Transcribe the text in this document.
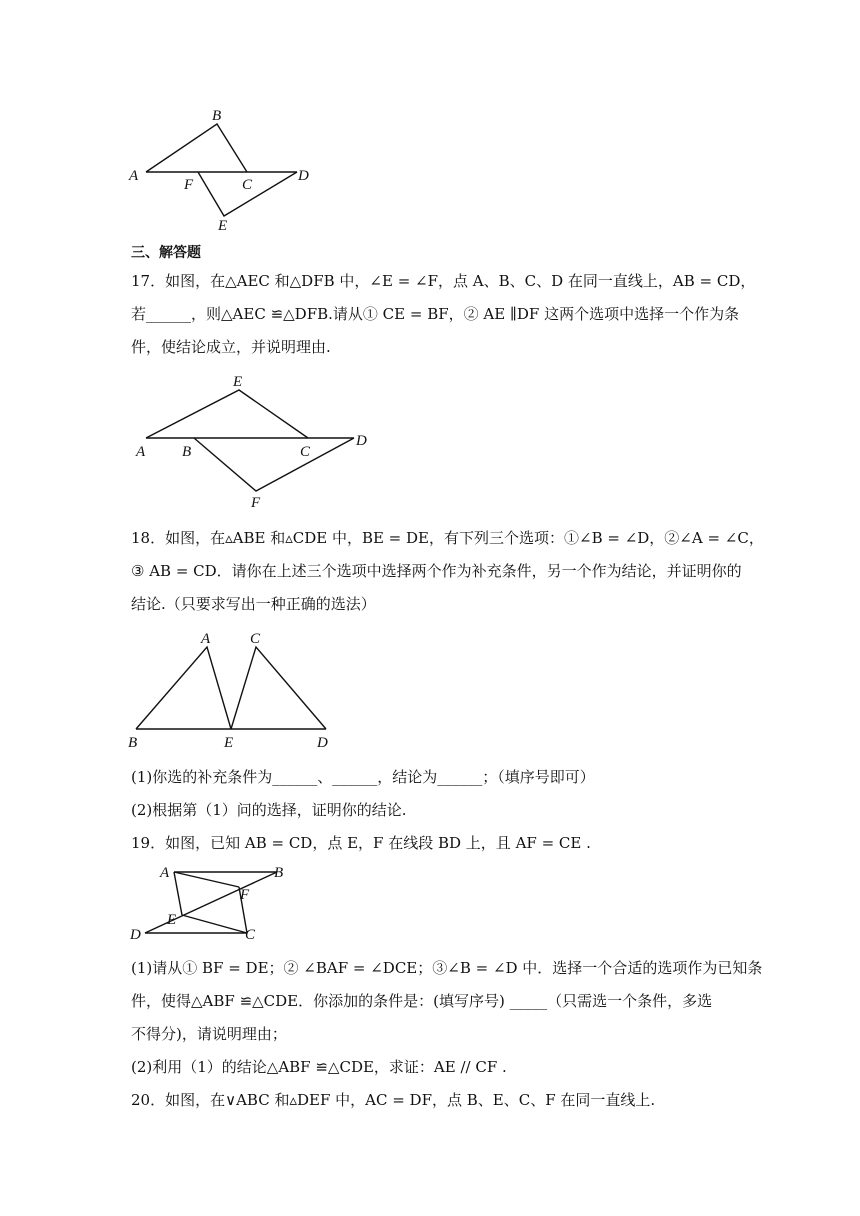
B
A
F	C
D
E
三、解答题
17．如图，在△AEC 和△DFB 中，∠E = ∠F，点 A、B、C、D 在同一直线上，AB = CD，
若______，则△AEC ≌△DFB.请从① CE = BF，② AE ∥DF 这两个选项中选择一个作为条
件，使结论成立，并说明理由.
E
A B	C
D
F
18．如图，在▵ABE 和▵CDE 中，BE = DE，有下列三个选项：①∠B = ∠D，②∠A = ∠C，
③ AB = CD．请你在上述三个选项中选择两个作为补充条件，另一个作为结论，并证明你的
结论.（只要求写出一种正确的选法）
A	C
B	E	D
(1)你选的补充条件为______、______，结论为______；（填序号即可）
(2)根据第（1）问的选择，证明你的结论.
19．如图，已知 AB = CD，点 E，F 在线段 BD 上，且 AF = CE .
A	B
F
E
D	C
(1)请从① BF = DE；② ∠BAF = ∠DCE；③∠B = ∠D 中．选择一个合适的选项作为已知条
件，使得△ABF ≌△CDE．你添加的条件是：(填写序号) _____（只需选一个条件，多选
不得分)，请说明理由；
(2)利用（1）的结论△ABF ≌△CDE，求证：AE // CF .
20．如图，在∨ABC 和▵DEF 中，AC = DF，点 B、E、C、F 在同一直线上.
